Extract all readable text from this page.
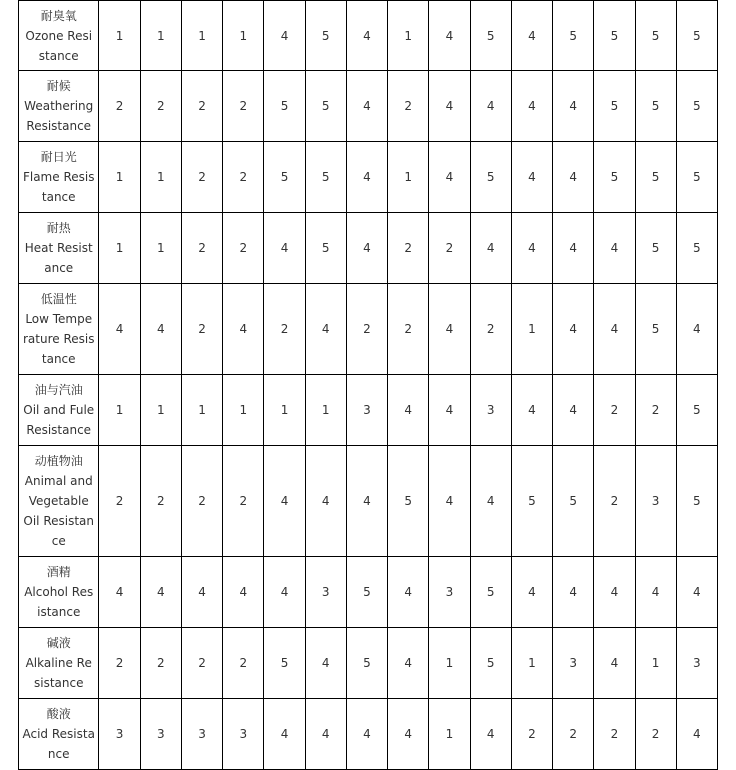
耐臭氧
Ozone Resi
stance	1	1	1	1	4	5	4	1	4	5	4	5	5	5	5

耐候
Weathering
Resistance	2	2	2	2	5	5	4	2	4	4	4	4	5	5	5

耐日光
Flame Resis
tance	1	1	2	2	5	5	4	1	4	5	4	4	5	5	5

耐热
Heat Resist
ance	1	1	2	2	4	5	4	2	2	4	4	4	4	5	5

低温性
Low Tempe
rature Resis
tance	4	4	2	4	2	4	2	2	4	2	1	4	4	5	4

油与汽油
Oil and Fule
Resistance	1	1	1	1	1	1	3	4	4	3	4	4	2	2	5

动植物油
Animal and
Vegetable
Oil Resistan
ce	2	2	2	2	4	4	4	5	4	4	5	5	2	3	5

酒精
Alcohol Res
istance	4	4	4	4	4	3	5	4	3	5	4	4	4	4	4

碱液
Alkaline Re
sistance	2	2	2	2	5	4	5	4	1	5	1	3	4	1	3

酸液
Acid Resista
nce	3	3	3	3	4	4	4	4	1	4	2	2	2	2	4
